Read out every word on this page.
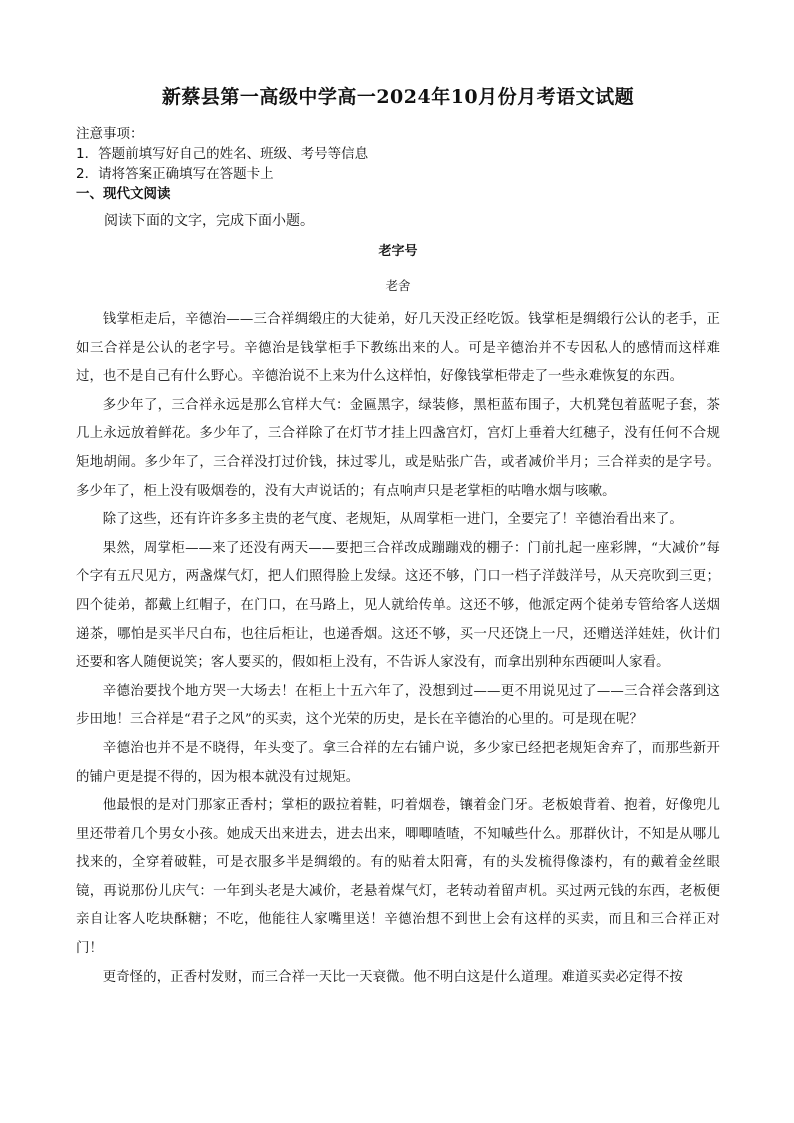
新蔡县第一高级中学高一2024年10月份月考语文试题
注意事项：
1．答题前填写好自己的姓名、班级、考号等信息
2．请将答案正确填写在答题卡上
一、现代文阅读
阅读下面的文字，完成下面小题。
老字号
老舍

钱掌柜走后，辛德治——三合祥绸缎庄的大徒弟，好几天没正经吃饭。钱掌柜是绸缎行公认的老手，正如三合祥是公认的老字号。辛德治是钱掌柜手下教练出来的人。可是辛德治并不专因私人的感情而这样难过，也不是自己有什么野心。辛德治说不上来为什么这样怕，好像钱掌柜带走了一些永难恢复的东西。

多少年了，三合祥永远是那么官样大气：金匾黑字，绿装修，黑柜蓝布围子，大机凳包着蓝呢子套，茶几上永远放着鲜花。多少年了，三合祥除了在灯节才挂上四盏宫灯，宫灯上垂着大红穗子，没有任何不合规矩地胡闹。多少年了，三合祥没打过价钱，抹过零儿，或是贴张广告，或者减价半月；三合祥卖的是字号。多少年了，柜上没有吸烟卷的，没有大声说话的；有点响声只是老掌柜的咕噜水烟与咳嗽。

除了这些，还有许许多多主贵的老气度、老规矩，从周掌柜一进门，全要完了！辛德治看出来了。

果然，周掌柜——来了还没有两天——要把三合祥改成蹦蹦戏的棚子：门前扎起一座彩牌，“大减价”每个字有五尺见方，两盏煤气灯，把人们照得脸上发绿。这还不够，门口一档子洋鼓洋号，从天亮吹到三更；四个徒弟，都戴上红帽子，在门口，在马路上，见人就给传单。这还不够，他派定两个徒弟专管给客人送烟递茶，哪怕是买半尺白布，也往后柜让，也递香烟。这还不够，买一尺还饶上一尺，还赠送洋娃娃，伙计们还要和客人随便说笑；客人要买的，假如柜上没有，不告诉人家没有，而拿出别种东西硬叫人家看。

辛德治要找个地方哭一大场去！在柜上十五六年了，没想到过——更不用说见过了——三合祥会落到这步田地！三合祥是“君子之风”的买卖，这个光荣的历史，是长在辛德治的心里的。可是现在呢？

辛德治也并不是不晓得，年头变了。拿三合祥的左右铺户说，多少家已经把老规矩舍弃了，而那些新开的铺户更是提不得的，因为根本就没有过规矩。

他最恨的是对门那家正香村；掌柜的趿拉着鞋，叼着烟卷，镶着金门牙。老板娘背着、抱着，好像兜儿里还带着几个男女小孩。她成天出来进去，进去出来，唧唧喳喳，不知嘁些什么。那群伙计，不知是从哪儿找来的，全穿着破鞋，可是衣服多半是绸缎的。有的贴着太阳膏，有的头发梳得像漆杓，有的戴着金丝眼镜，再说那份儿庆气：一年到头老是大减价，老悬着煤气灯，老转动着留声机。买过两元钱的东西，老板便亲自让客人吃块酥糖；不吃，他能往人家嘴里送！辛德治想不到世上会有这样的买卖，而且和三合祥正对门！

更奇怪的，正香村发财，而三合祥一天比一天衰微。他不明白这是什么道理。难道买卖必定得不按
